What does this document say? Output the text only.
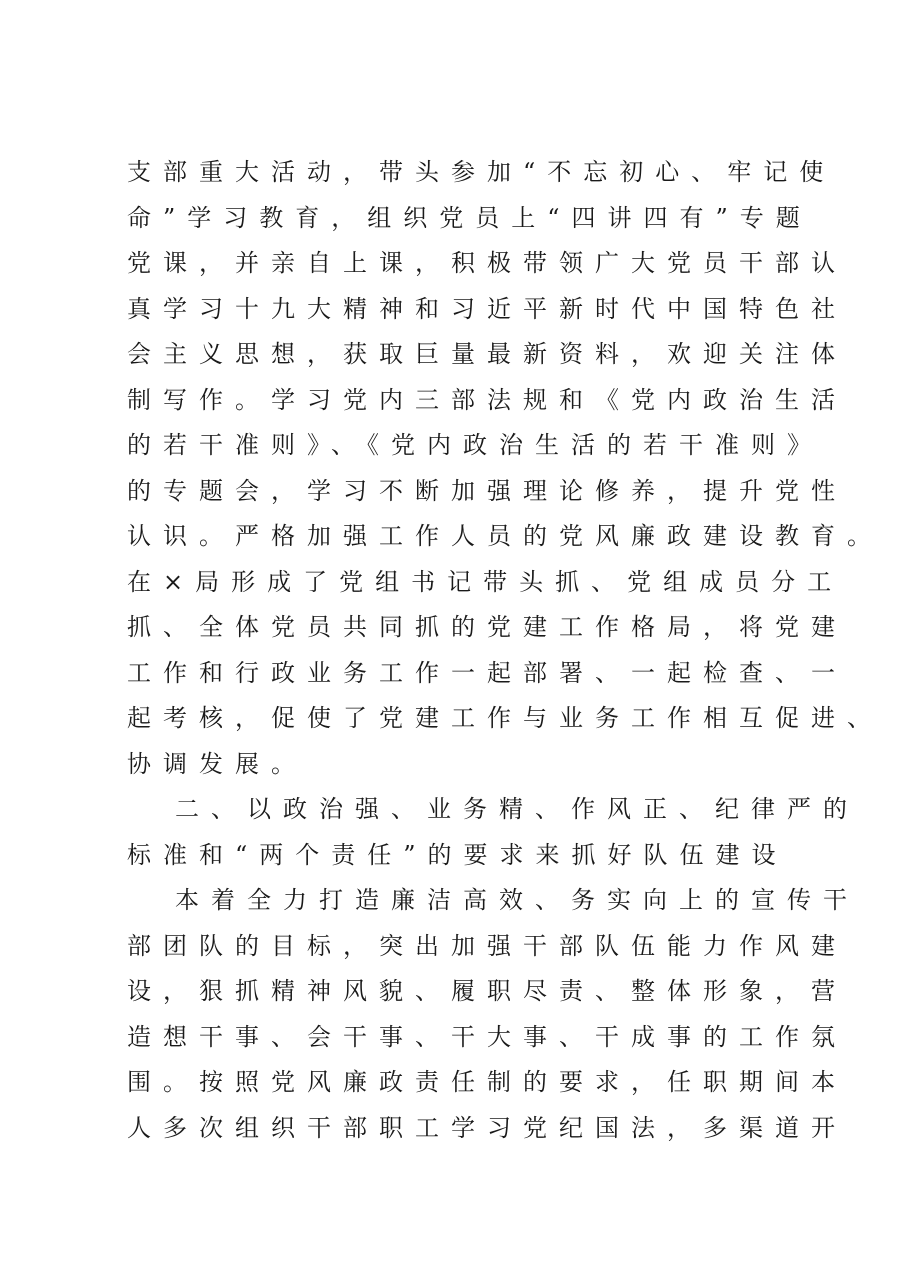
支部重大活动，带头参加“不忘初心、牢记使
命”学习教育，组织党员上“四讲四有”专题
党课，并亲自上课，积极带领广大党员干部认
真学习十九大精神和习近平新时代中国特色社
会主义思想，获取巨量最新资料，欢迎关注体
制写作。学习党内三部法规和《党内政治生活
的若干准则》、《党内政治生活的若干准则》
的专题会，学习不断加强理论修养，提升党性
认识。严格加强工作人员的党风廉政建设教育。
在×局形成了党组书记带头抓、党组成员分工
抓、全体党员共同抓的党建工作格局，将党建
工作和行政业务工作一起部署、一起检查、一
起考核，促使了党建工作与业务工作相互促进、
协调发展。
二、以政治强、业务精、作风正、纪律严的
标准和“两个责任”的要求来抓好队伍建设
本着全力打造廉洁高效、务实向上的宣传干
部团队的目标，突出加强干部队伍能力作风建
设，狠抓精神风貌、履职尽责、整体形象，营
造想干事、会干事、干大事、干成事的工作氛
围。按照党风廉政责任制的要求，任职期间本
人多次组织干部职工学习党纪国法，多渠道开
